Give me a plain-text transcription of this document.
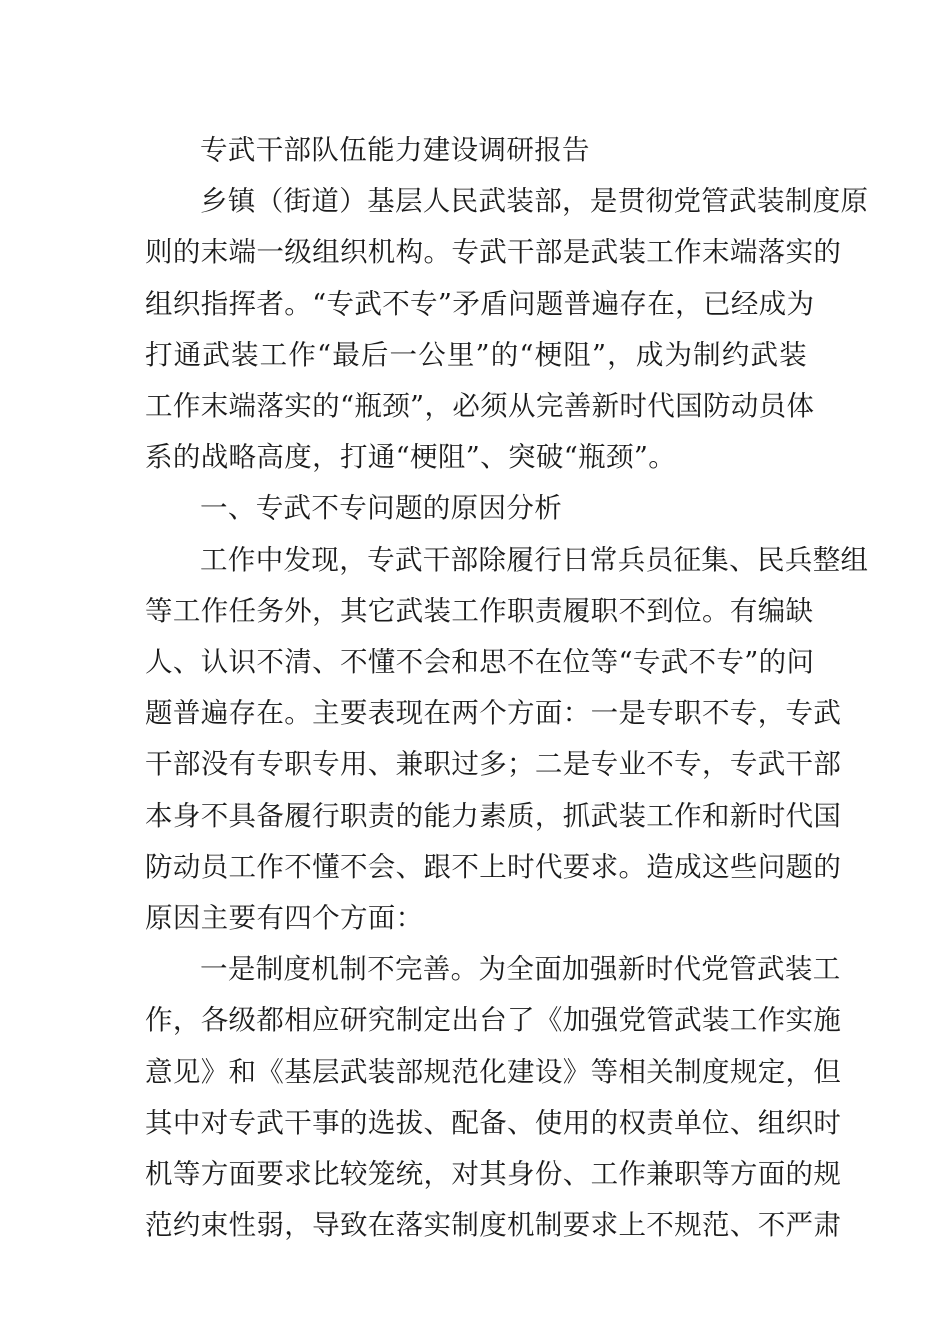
专武干部队伍能力建设调研报告

乡镇（街道）基层人民武装部，是贯彻党管武装制度原
则的末端一级组织机构。专武干部是武装工作末端落实的
组织指挥者。“专武不专”矛盾问题普遍存在，已经成为
打通武装工作“最后一公里”的“梗阻”，成为制约武装
工作末端落实的“瓶颈”，必须从完善新时代国防动员体
系的战略高度，打通“梗阻”、突破“瓶颈”。

一、专武不专问题的原因分析

工作中发现，专武干部除履行日常兵员征集、民兵整组
等工作任务外，其它武装工作职责履职不到位。有编缺
人、认识不清、不懂不会和思不在位等“专武不专”的问
题普遍存在。主要表现在两个方面：一是专职不专，专武
干部没有专职专用、兼职过多；二是专业不专，专武干部
本身不具备履行职责的能力素质，抓武装工作和新时代国
防动员工作不懂不会、跟不上时代要求。造成这些问题的
原因主要有四个方面：

一是制度机制不完善。为全面加强新时代党管武装工
作，各级都相应研究制定出台了《加强党管武装工作实施
意见》和《基层武装部规范化建设》等相关制度规定，但
其中对专武干事的选拔、配备、使用的权责单位、组织时
机等方面要求比较笼统，对其身份、工作兼职等方面的规
范约束性弱，导致在落实制度机制要求上不规范、不严肃
